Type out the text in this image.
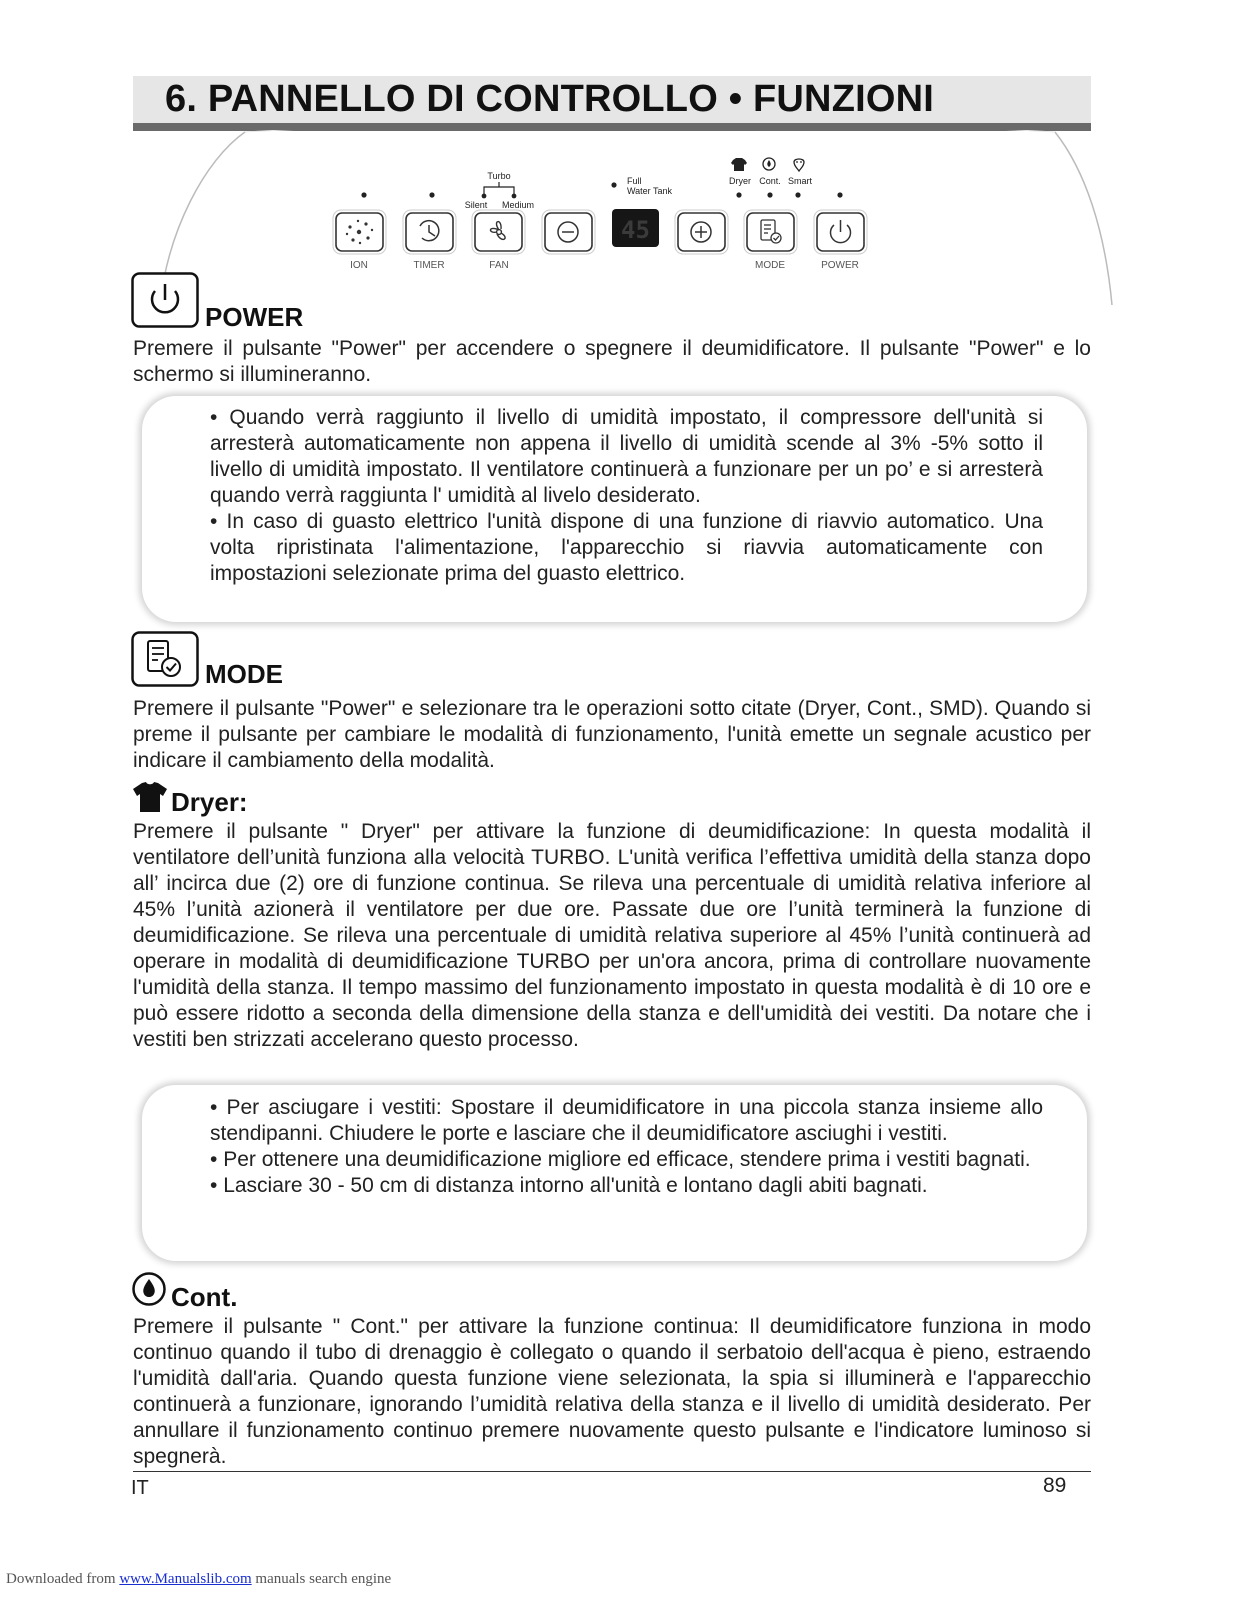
6. PANNELLO DI CONTROLLO • FUNZIONI
Turbo
Silent Medium
Full
Water Tank
Dryer Cont. Smart
45
ION	TIMER	FAN	MODE	POWER
POWER
Premere il pulsante "Power" per accendere o spegnere il deumidificatore. Il pulsante "Power" e lo schermo si illumineranno.
• Quando verrà raggiunto il livello di umidità impostato, il compressore dell'unità si arresterà automaticamente non appena il livello di umidità scende al 3% -5% sotto il livello di umidità impostato. Il ventilatore continuerà a funzionare per un po’ e si arresterà quando verrà raggiunta l' umidità al livelo desiderato.
• In caso di guasto elettrico l'unità dispone di una funzione di riavvio automatico. Una volta ripristinata l'alimentazione, l'apparecchio si riavvia automaticamente con impostazioni selezionate prima del guasto elettrico.
MODE
Premere il pulsante "Power" e selezionare tra le operazioni sotto citate (Dryer, Cont., SMD). Quando si preme il pulsante per cambiare le modalità di funzionamento, l'unità emette un segnale acustico per indicare il cambiamento della modalità.
Dryer:
Premere il pulsante " Dryer" per attivare la funzione di deumidificazione: In questa modalità il ventilatore dell’unità funziona alla velocità TURBO. L'unità verifica l’effettiva umidità della stanza dopo all’ incirca due (2) ore di funzione continua. Se rileva una percentuale di umidità relativa inferiore al 45% l’unità azionerà il ventilatore per due ore. Passate due ore l’unità terminerà la funzione di deumidificazione. Se rileva una percentuale di umidità relativa superiore al 45% l’unità continuerà ad operare in modalità di deumidificazione TURBO per un'ora ancora, prima di controllare nuovamente l'umidità della stanza. Il tempo massimo del funzionamento impostato in questa modalità è di 10 ore e può essere ridotto a seconda della dimensione della stanza e dell'umidità dei vestiti. Da notare che i vestiti ben strizzati accelerano questo processo.
• Per asciugare i vestiti: Spostare il deumidificatore in una piccola stanza insieme allo stendipanni. Chiudere le porte e lasciare che il deumidificatore asciughi i vestiti.
• Per ottenere una deumidificazione migliore ed efficace, stendere prima i vestiti bagnati.
• Lasciare 30 - 50 cm di distanza intorno all'unità e lontano dagli abiti bagnati.
Cont.
Premere il pulsante " Cont." per attivare la funzione continua: Il deumidificatore funziona in modo continuo quando il tubo di drenaggio è collegato o quando il serbatoio dell'acqua è pieno, estraendo l'umidità dall'aria. Quando questa funzione viene selezionata, la spia si illuminerà e l'apparecchio continuerà a funzionare, ignorando l’umidità relativa della stanza e il livello di umidità desiderato. Per annullare il funzionamento continuo premere nuovamente questo pulsante e l'indicatore luminoso si spegnerà.
IT	89
Downloaded from www.Manualslib.com manuals search engine
